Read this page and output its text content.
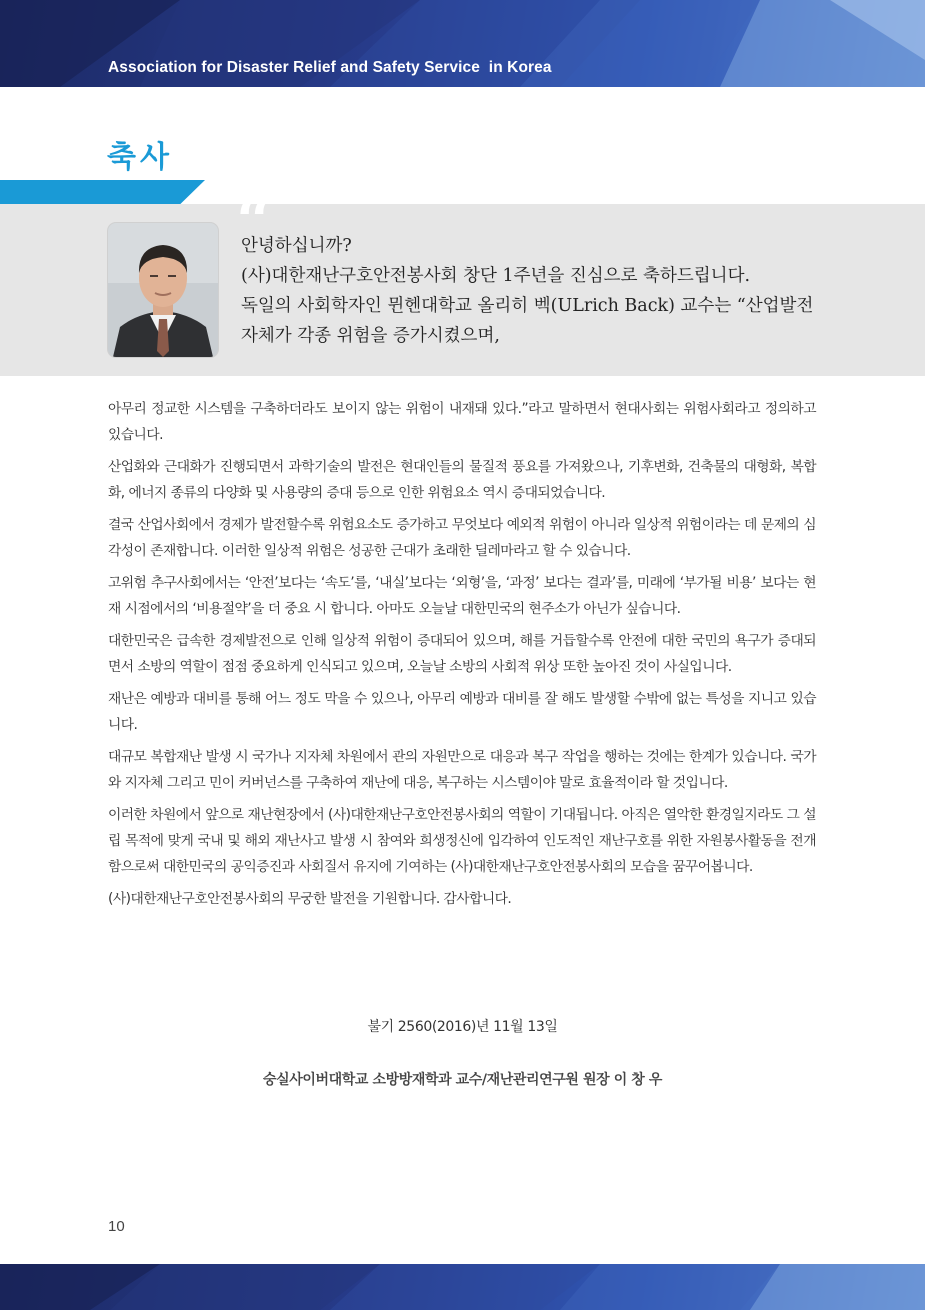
Association for Disaster Relief and Safety Service  in Korea
축사
“
안녕하십니까?
(사)대한재난구호안전봉사회 창단 1주년을 진심으로 축하드립니다.
독일의 사회학자인 뮌헨대학교 올리히 벡(ULrich Back) 교수는 “산업발전
자체가 각종 위험을 증가시켰으며,

아무리 정교한 시스템을 구축하더라도 보이지 않는 위험이 내재돼 있다.”라고 말하면서 현대사회는 위험사회라고 정의하고 있습니다.

산업화와 근대화가 진행되면서 과학기술의 발전은 현대인들의 물질적 풍요를 가져왔으나, 기후변화, 건축물의 대형화, 복합화, 에너지 종류의 다양화 및 사용량의 증대 등으로 인한 위험요소 역시 증대되었습니다.

결국 산업사회에서 경제가 발전할수록 위험요소도 증가하고 무엇보다 예외적 위험이 아니라 일상적 위험이라는 데 문제의 심각성이 존재합니다. 이러한 일상적 위험은 성공한 근대가 초래한 딜레마라고 할 수 있습니다.

고위험 추구사회에서는 ‘안전’보다는 ‘속도’를, ‘내실’보다는 ‘외형’을, ‘과정’ 보다는 결과’를, 미래에 ‘부가될 비용’ 보다는 현재 시점에서의 ‘비용절약’을 더 중요 시 합니다. 아마도 오늘날 대한민국의 현주소가 아닌가 싶습니다.

대한민국은 급속한 경제발전으로 인해 일상적 위험이 증대되어 있으며, 해를 거듭할수록 안전에 대한 국민의 욕구가 증대되면서 소방의 역할이 점점 중요하게 인식되고 있으며, 오늘날 소방의 사회적 위상 또한 높아진 것이 사실입니다.

재난은 예방과 대비를 통해 어느 정도 막을 수 있으나, 아무리 예방과 대비를 잘 해도 발생할 수밖에 없는 특성을 지니고 있습니다.

대규모 복합재난 발생 시 국가나 지자체 차원에서 관의 자원만으로 대응과 복구 작업을 행하는 것에는 한계가 있습니다. 국가와 지자체 그리고 민이 커버넌스를 구축하여 재난에 대응, 복구하는 시스템이야 말로 효율적이라 할 것입니다.

이러한 차원에서 앞으로 재난현장에서 (사)대한재난구호안전봉사회의 역할이 기대됩니다. 아직은 열악한 환경일지라도 그 설립 목적에 맞게 국내 및 해외 재난사고 발생 시 참여와 희생정신에 입각하여 인도적인 재난구호를 위한 자원봉사활동을 전개함으로써 대한민국의 공익증진과 사회질서 유지에 기여하는 (사)대한재난구호안전봉사회의 모습을 꿈꾸어봅니다.

(사)대한재난구호안전봉사회의 무궁한 발전을 기원합니다. 감사합니다.

불기 2560(2016)년 11월 13일
숭실사이버대학교 소방방재학과 교수/재난관리연구원 원장 이 창 우
10
